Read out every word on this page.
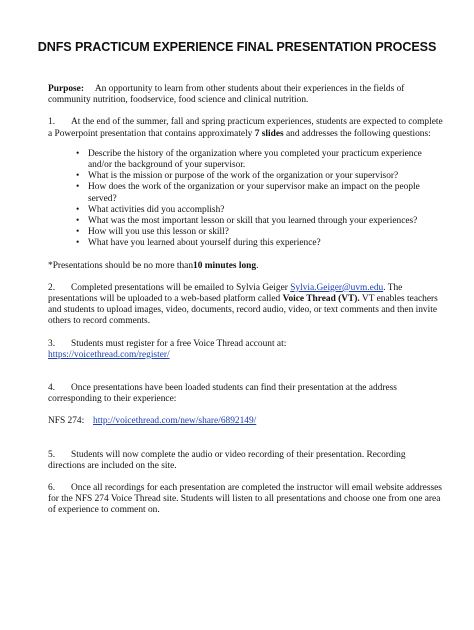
DNFS PRACTICUM EXPERIENCE FINAL PRESENTATION PROCESS

Purpose: An opportunity to learn from other students about their experiences in the fields of community nutrition, foodservice, food science and clinical nutrition.

1. At the end of the summer, fall and spring practicum experiences, students are expected to complete a Powerpoint presentation that contains approximately 7 slides and addresses the following questions:

• Describe the history of the organization where you completed your practicum experience and/or the background of your supervisor.
• What is the mission or purpose of the work of the organization or your supervisor?
• How does the work of the organization or your supervisor make an impact on the people served?
• What activities did you accomplish?
• What was the most important lesson or skill that you learned through your experiences?
• How will you use this lesson or skill?
• What have you learned about yourself during this experience?

*Presentations should be no more than10 minutes long.

2. Completed presentations will be emailed to Sylvia Geiger Sylvia.Geiger@uvm.edu. The presentations will be uploaded to a web-based platform called Voice Thread (VT). VT enables teachers and students to upload images, video, documents, record audio, video, or text comments and then invite others to record comments.

3. Students must register for a free Voice Thread account at:
https://voicethread.com/register/

4. Once presentations have been loaded students can find their presentation at the address corresponding to their experience:

NFS 274: http://voicethread.com/new/share/6892149/

5. Students will now complete the audio or video recording of their presentation. Recording directions are included on the site.

6. Once all recordings for each presentation are completed the instructor will email website addresses for the NFS 274 Voice Thread site. Students will listen to all presentations and choose one from one area of experience to comment on.
